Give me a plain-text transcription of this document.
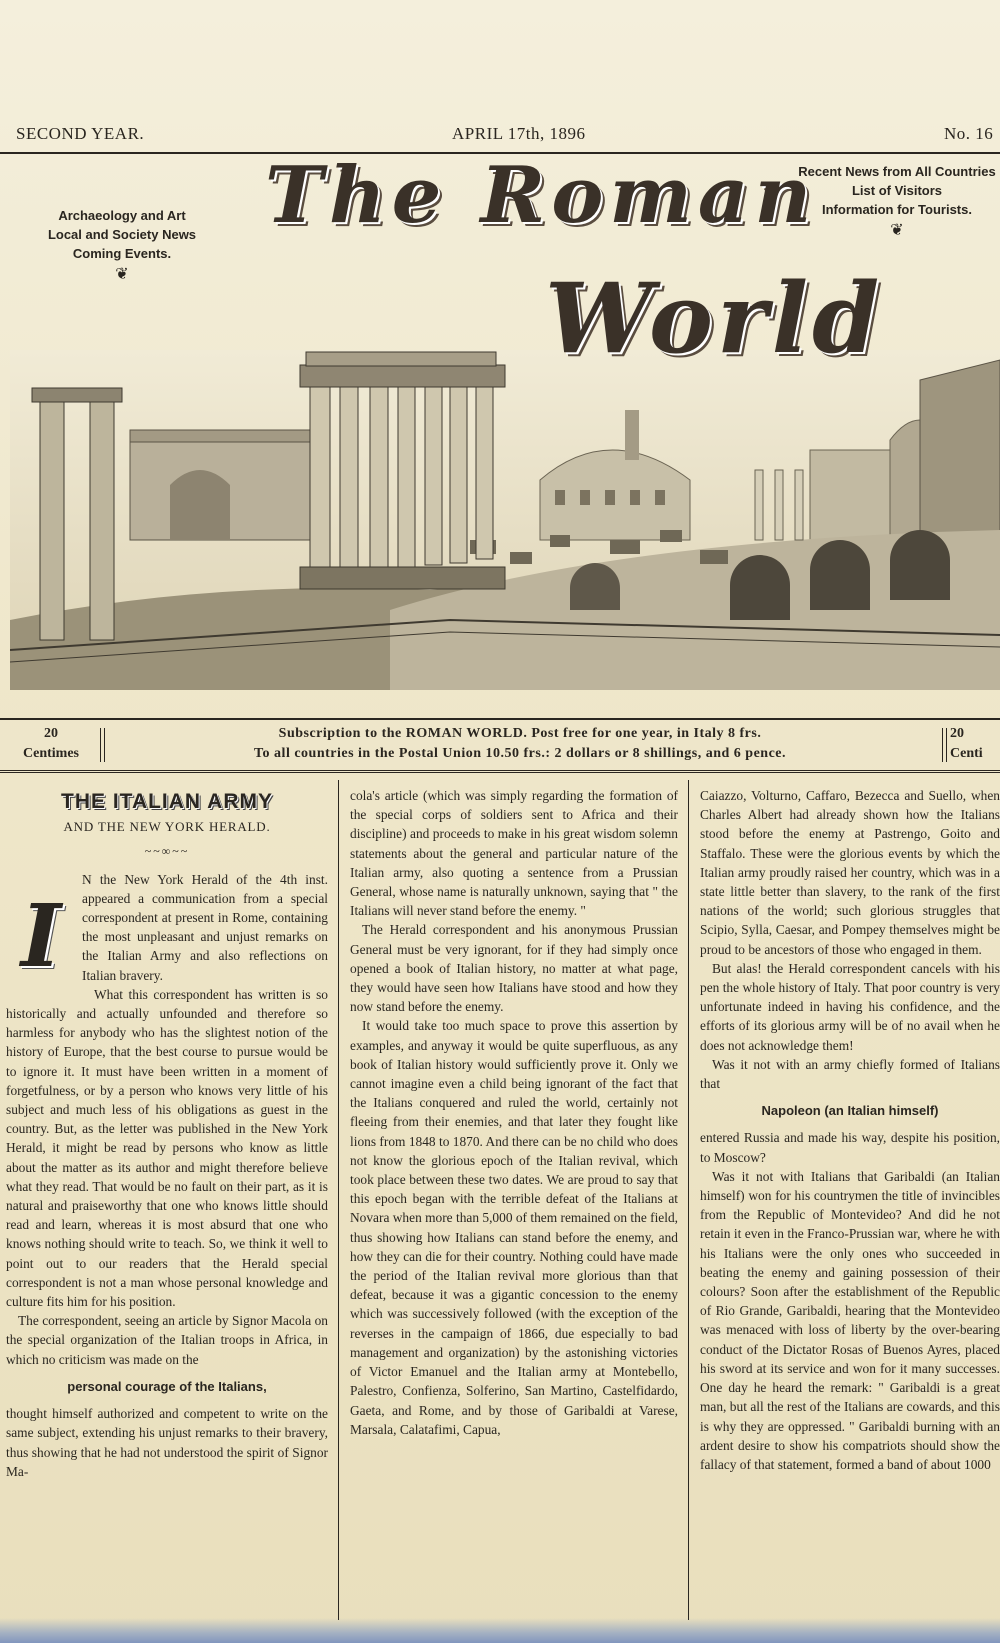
SECOND YEAR.	APRIL 17th, 1896	No. 16
Archaeology and Art
Local and Society News
Coming Events.
❦
Recent News from All Countries
List of Visitors
Information for Tourists.
❦
The Roman
World
20
Centimes
Subscription to the ROMAN WORLD. Post free for one year, in Italy 8 frs.
To all countries in the Postal Union 10.50 frs.: 2 dollars or 8 shillings, and 6 pence.
20
Centi
THE ITALIAN ARMY
AND THE NEW YORK HERALD.
~~∞~~
I

N the New York Herald of the 4th inst. appeared a communication from a special correspondent at present in Rome, containing the most unpleasant and unjust remarks on the Italian Army and also reflections on Italian bravery.

What this correspondent has written is so historically and actually unfounded and therefore so harmless for anybody who has the slightest notion of the history of Europe, that the best course to pursue would be to ignore it. It must have been written in a moment of forgetfulness, or by a person who knows very little of his subject and much less of his obligations as guest in the country. But, as the letter was published in the New York Herald, it might be read by persons who know as little about the matter as its author and might therefore believe what they read. That would be no fault on their part, as it is natural and praiseworthy that one who knows little should read and learn, whereas it is most absurd that one who knows nothing should write to teach. So, we think it well to point out to our readers that the Herald special correspondent is not a man whose personal knowledge and culture fits him for his position.

The correspondent, seeing an article by Signor Macola on the special organization of the Italian troops in Africa, in which no criticism was made on the

personal courage of the Italians,

thought himself authorized and competent to write on the same subject, extending his unjust remarks to their bravery, thus showing that he had not understood the spirit of Signor Ma-

cola's article (which was simply regarding the formation of the special corps of soldiers sent to Africa and their discipline) and proceeds to make in his great wisdom solemn statements about the general and particular nature of the Italian army, also quoting a sentence from a Prussian General, whose name is naturally unknown, saying that " the Italians will never stand before the enemy. "

The Herald correspondent and his anonymous Prussian General must be very ignorant, for if they had simply once opened a book of Italian history, no matter at what page, they would have seen how Italians have stood and how they now stand before the enemy.

It would take too much space to prove this assertion by examples, and anyway it would be quite superfluous, as any book of Italian history would sufficiently prove it. Only we cannot imagine even a child being ignorant of the fact that the Italians conquered and ruled the world, certainly not fleeing from their enemies, and that later they fought like lions from 1848 to 1870. And there can be no child who does not know the glorious epoch of the Italian revival, which took place between these two dates. We are proud to say that this epoch began with the terrible defeat of the Italians at Novara when more than 5,000 of them remained on the field, thus showing how Italians can stand before the enemy, and how they can die for their country. Nothing could have made the period of the Italian revival more glorious than that defeat, because it was a gigantic concession to the enemy which was successively followed (with the exception of the reverses in the campaign of 1866, due especially to bad management and organization) by the astonishing victories of Victor Emanuel and the Italian army at Montebello, Palestro, Confienza, Solferino, San Martino, Castelfidardo, Gaeta, and Rome, and by those of Garibaldi at Varese, Marsala, Calatafimi, Capua,

Caiazzo, Volturno, Caffaro, Bezecca and Suello, when Charles Albert had already shown how the Italians stood before the enemy at Pastrengo, Goito and Staffalo. These were the glorious events by which the Italian army proudly raised her country, which was in a state little better than slavery, to the rank of the first nations of the world; such glorious struggles that Scipio, Sylla, Caesar, and Pompey themselves might be proud to be ancestors of those who engaged in them.

But alas! the Herald correspondent cancels with his pen the whole history of Italy. That poor country is very unfortunate indeed in having his confidence, and the efforts of its glorious army will be of no avail when he does not acknowledge them!

Was it not with an army chiefly formed of Italians that

Napoleon (an Italian himself)

entered Russia and made his way, despite his position, to Moscow?

Was it not with Italians that Garibaldi (an Italian himself) won for his countrymen the title of invincibles from the Republic of Montevideo? And did he not retain it even in the Franco-Prussian war, where he with his Italians were the only ones who succeeded in beating the enemy and gaining possession of their colours? Soon after the establishment of the Republic of Rio Grande, Garibaldi, hearing that the Montevideo was menaced with loss of liberty by the over-bearing conduct of the Dictator Rosas of Buenos Ayres, placed his sword at its service and won for it many successes. One day he heard the remark: " Garibaldi is a great man, but all the rest of the Italians are cowards, and this is why they are oppressed. " Garibaldi burning with an ardent desire to show his compatriots should show the fallacy of that statement, formed a band of about 1000
